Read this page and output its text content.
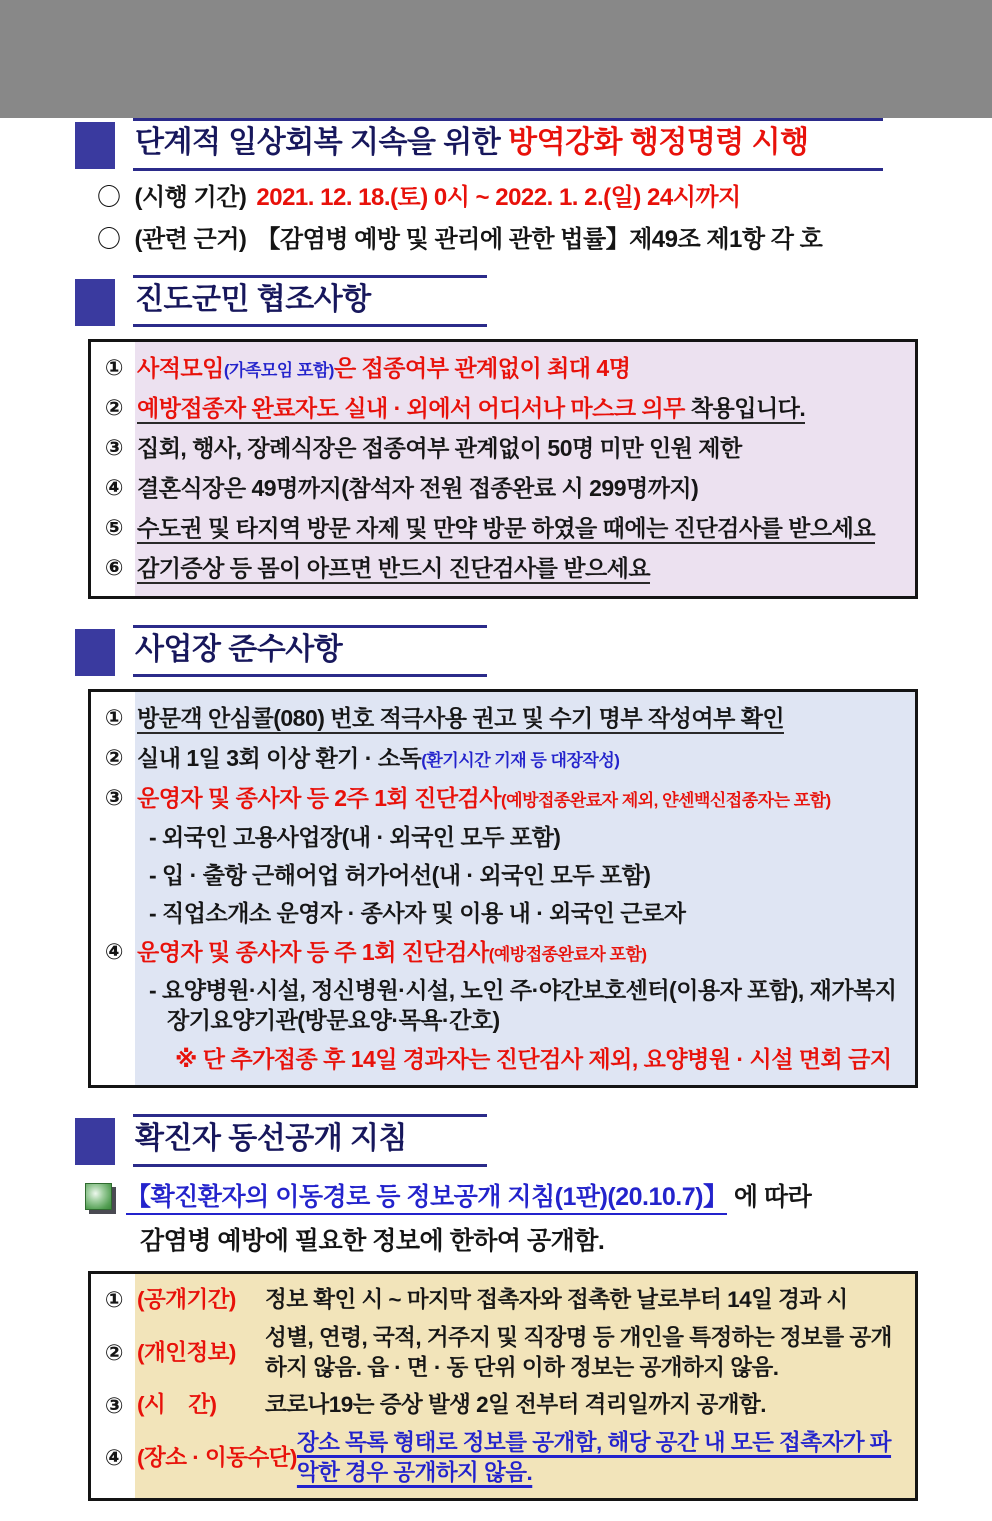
단계적 일상회복 지속을 위한 방역강화 행정명령 시행
〇 (시행 기간) 2021. 12. 18.(토) 0시 ~ 2022. 1. 2.(일) 24시까지
〇 (관련 근거) 【감염병 예방 및 관리에 관한 법률】제49조 제1항 각 호
진도군민 협조사항
① 사적모임(가족모임 포함)은 접종여부 관계없이 최대 4명
② 예방접종자 완료자도 실내 · 외에서 어디서나 마스크 의무 착용입니다.
③ 집회, 행사, 장례식장은 접종여부 관계없이 50명 미만 인원 제한
④ 결혼식장은 49명까지(참석자 전원 접종완료 시 299명까지)
⑤ 수도권 및 타지역 방문 자제 및 만약 방문 하였을 때에는 진단검사를 받으세요
⑥ 감기증상 등 몸이 아프면 반드시 진단검사를 받으세요
사업장 준수사항
① 방문객 안심콜(080) 번호 적극사용 권고 및 수기 명부 작성여부 확인
② 실내 1일 3회 이상 환기 · 소독(환기시간 기재 등 대장작성)
③ 운영자 및 종사자 등 2주 1회 진단검사(예방접종완료자 제외, 얀센백신접종자는 포함)
- 외국인 고용사업장(내 · 외국인 모두 포함)
- 입 · 출항 근해어업 허가어선(내 · 외국인 모두 포함)
- 직업소개소 운영자 · 종사자 및 이용 내 · 외국인 근로자
④ 운영자 및 종사자 등 주 1회 진단검사(예방접종완료자 포함)
- 요양병원·시설, 정신병원·시설, 노인 주·야간보호센터(이용자 포함), 재가복지 장기요양기관(방문요양·목욕·간호)
※ 단 추가접종 후 14일 경과자는 진단검사 제외, 요양병원 · 시설 면회 금지
확진자 동선공개 지침
【확진환자의 이동경로 등 정보공개 지침(1판)(20.10.7)】 에 따라
감염병 예방에 필요한 정보에 한하여 공개함.
① (공개기간)	정보 확인 시 ~ 마지막 접촉자와 접촉한 날로부터 14일 경과 시
② (개인정보)
성별, 연령, 국적, 거주지 및 직장명 등 개인을 특정하는 정보를 공개하지 않음. 읍 · 면 · 동 단위 이하 정보는 공개하지 않음.
③ (시    간)	코로나19는 증상 발생 2일 전부터 격리일까지 공개함.
④ (장소 · 이동수단)
장소 목록 형태로 정보를 공개함, 해당 공간 내 모든 접촉자가 파악한 경우 공개하지 않음.
